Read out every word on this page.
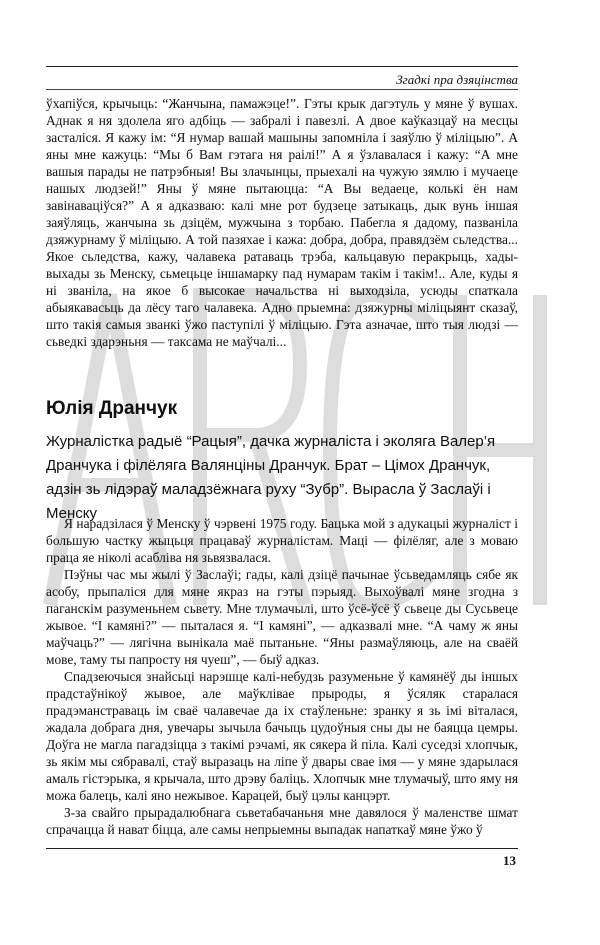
Згадкі пра дзяцінства

ўхапіўся, крычыць: “Жанчына, памажэце!”. Гэты крык дагэтуль у мяне ў вушах. Аднак я ня здолела яго адбіць — забралі і павезлі. А двое каўказцаў на месцы засталіся. Я кажу ім: “Я нумар вашай машыны запомніла і заяўлю ў міліцыю”. А яны мне кажуць: “Мы б Вам гэтага ня раілі!” А я ўзлавалася і кажу: “А мне вашыя парады не патрэбныя! Вы злачынцы, прыехалі на чужую зямлю і мучаеце нашых людзей!” Яны ў мяне пытаюцца: “А Вы ведаеце, колькі ён нам завінаваціўся?” А я адказваю: калі мне рот будзеце затыкаць, дык вунь іншая заяўляць, жанчына зь дзіцём, мужчына з торбаю. Пабегла я дадому, пазваніла дзяжурнаму ў міліцыю. А той пазяхае і кажа: добра, добра, правядзём сьледства... Якое сьледства, кажу, чалавека ратаваць трэба, кальцавую перакрыць, хады-выхады зь Менску, сьмецьце іншамарку пад нумарам такім і такім!.. Але, куды я ні званіла, на якое б высокае начальства ні выходзіла, усюды спаткала абыякавасьць да лёсу таго чалавека. Адно прыемна: дзяжурны міліцыянт сказаў, што такія самыя званкі ўжо паступілі ў міліцыю. Гэта азначае, што тыя людзі — сьведкі здарэньня — таксама не маўчалі...

Юлія Дранчук
Журналістка радыё “Рацыя”, дачка журналіста і эколяга Валер’я Дранчука і філёляга Валянціны Дранчук. Брат – Цімох Дранчук, адзін зь лідэраў маладзёжнага руху “Зубр”. Вырасла ў Заслаўі і Менску

Я нарадзілася ў Менску ў чэрвені 1975 году. Бацька мой з адукацыі журналіст і большую частку жыцьця працаваў журналістам. Маці — філёляг, але з моваю праца яе ніколі асабліва ня зьвязвалася.

Пэўны час мы жылі ў Заслаўі; гады, калі дзіцё пачынае ўсьведамляць сябе як асобу, прыпаліся для мяне якраз на гэты пэрыяд. Выхоўвалі мяне згодна з паганскім разуменьнем сьвету. Мне тлумачылі, што ўсё-ўсё ў сьвеце ды Сусьвеце жывое. “І камяні?” — пыталася я. “І камяні”, — адказвалі мне. “А чаму ж яны маўчаць?” — лягічна вынікала маё пытаньне. “Яны размаўляюць, але на сваёй мове, таму ты папросту ня чуеш”, — быў адказ.

Спадзеючыся знайсьці нарэшце калі-небудзь разуменьне ў камянёў ды іншых прадстаўнікоў жывое, але маўклівае прыроды, я ўсяляк старалася прадэманстраваць ім сваё чалавечае да іх стаўленьне: зранку я зь імі віталася, жадала добрага дня, увечары зычыла бачыць цудоўныя сны ды не баяцца цемры. Доўга не магла пагадзіцца з такімі рэчамі, як сякера й піла. Калі суседзі хлопчык, зь якім мы сябравалі, стаў выразаць на ліпе ў двары свае імя — у мяне здарылася амаль гістэрыка, я крычала, што дрэву балiць. Хлопчык мне тлумачыў, што яму ня можа балець, калі яно нежывое. Карацей, быў цэлы канцэрт.

З-за свайго прырадалюбнага сьветабачаньня мне давялося ў маленстве шмат спрачацца й нават біцца, але самы непрыемны выпадак напаткаў мяне ўжо ў

13
